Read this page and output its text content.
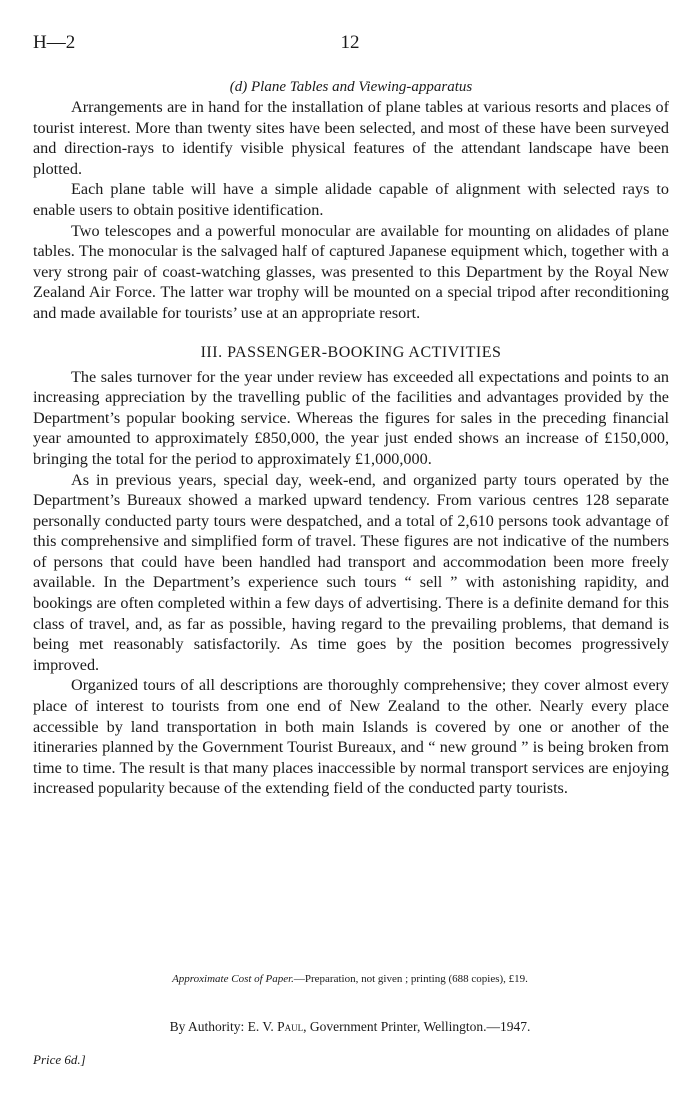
H—2	12
(d) Plane Tables and Viewing-apparatus

Arrangements are in hand for the installation of plane tables at various resorts and places of tourist interest. More than twenty sites have been selected, and most of these have been surveyed and direction-rays to identify visible physical features of the attendant landscape have been plotted.

Each plane table will have a simple alidade capable of alignment with selected rays to enable users to obtain positive identification.

Two telescopes and a powerful monocular are available for mounting on alidades of plane tables. The monocular is the salvaged half of captured Japanese equipment which, together with a very strong pair of coast-watching glasses, was presented to this Department by the Royal New Zealand Air Force. The latter war trophy will be mounted on a special tripod after reconditioning and made available for tourists’ use at an appropriate resort.

III. PASSENGER-BOOKING ACTIVITIES

The sales turnover for the year under review has exceeded all expectations and points to an increasing appreciation by the travelling public of the facilities and advantages provided by the Department’s popular booking service. Whereas the figures for sales in the preceding financial year amounted to approximately £850,000, the year just ended shows an increase of £150,000, bringing the total for the period to approximately £1,000,000.

As in previous years, special day, week-end, and organized party tours operated by the Department’s Bureaux showed a marked upward tendency. From various centres 128 separate personally conducted party tours were despatched, and a total of 2,610 persons took advantage of this comprehensive and simplified form of travel. These figures are not indicative of the numbers of persons that could have been handled had transport and accommodation been more freely available. In the Department’s experience such tours “ sell ” with astonishing rapidity, and bookings are often completed within a few days of advertising. There is a definite demand for this class of travel, and, as far as possible, having regard to the prevailing problems, that demand is being met reasonably satisfactorily. As time goes by the position becomes progressively improved.

Organized tours of all descriptions are thoroughly comprehensive; they cover almost every place of interest to tourists from one end of New Zealand to the other. Nearly every place accessible by land transportation in both main Islands is covered by one or another of the itineraries planned by the Government Tourist Bureaux, and “ new ground ” is being broken from time to time. The result is that many places inaccessible by normal transport services are enjoying increased popularity because of the extending field of the conducted party tourists.

Approximate Cost of Paper.—Preparation, not given ; printing (688 copies), £19.
By Authority: E. V. Paul, Government Printer, Wellington.—1947.
Price 6d.]
